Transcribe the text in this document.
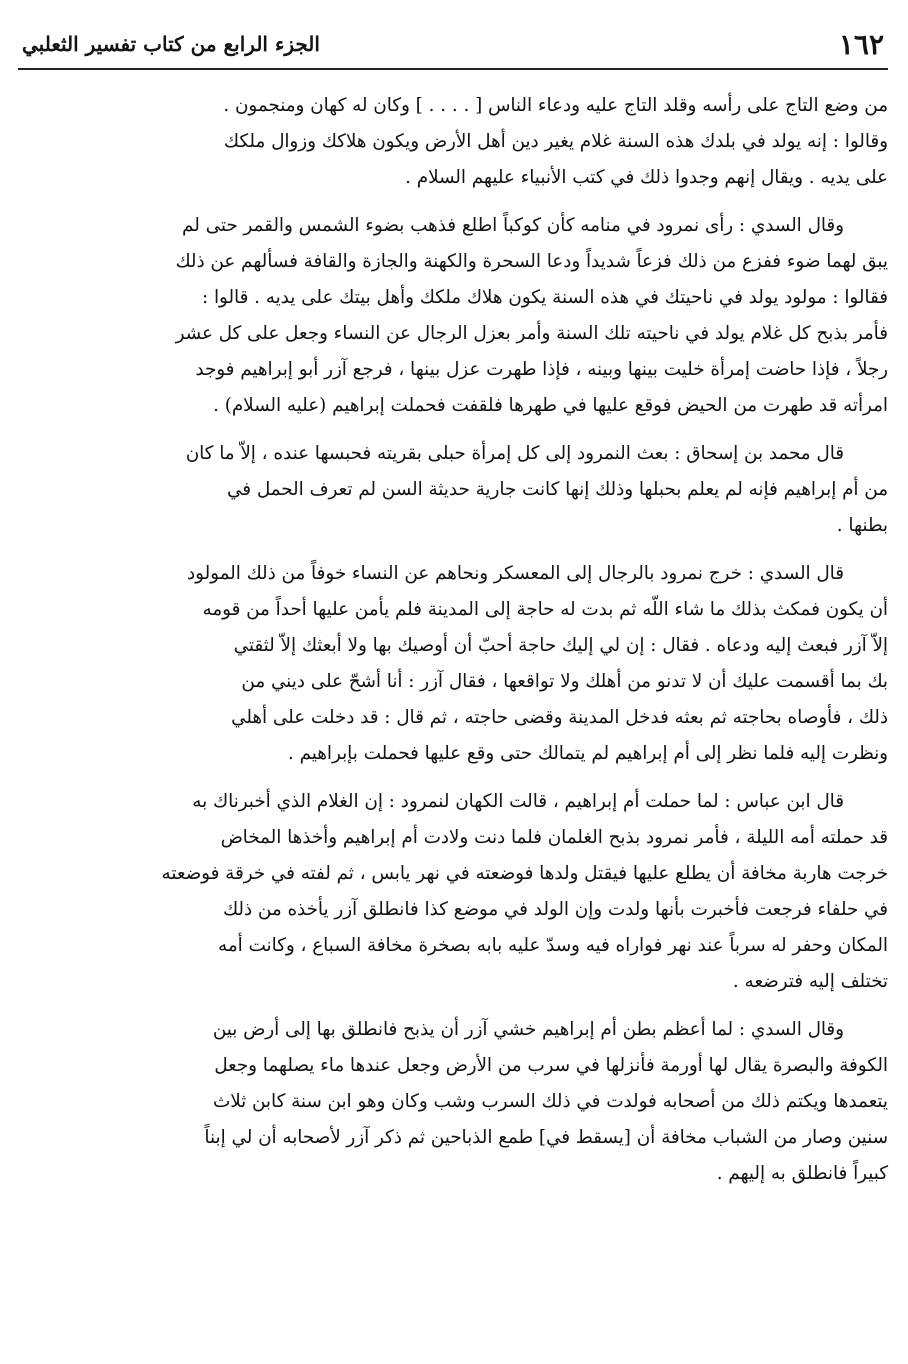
١٦٢
الجزء الرابع من كتاب تفسير الثعلبي
من وضع التاج على رأسه وقلد التاج عليه ودعاء الناس [ . . . . ] وكان له كهان ومنجمون .
وقالوا : إنه يولد في بلدك هذه السنة غلام يغير دين أهل الأرض ويكون هلاكك وزوال ملكك
على يديه . ويقال إنهم وجدوا ذلك في كتب الأنبياء عليهم السلام .
وقال السدي : رأى نمرود في منامه كأن كوكباً اطلع فذهب بضوء الشمس والقمر حتى لم
يبق لهما ضوء ففزع من ذلك فزعاً شديداً ودعا السحرة والكهنة والجازة والقافة فسألهم عن ذلك
فقالوا : مولود يولد في ناحيتك في هذه السنة يكون هلاك ملكك وأهل بيتك على يديه . قالوا :
فأمر بذبح كل غلام يولد في ناحيته تلك السنة وأمر بعزل الرجال عن النساء وجعل على كل عشر
رجلاً ، فإذا حاضت إمرأة خليت بينها وبينه ، فإذا طهرت عزل بينها ، فرجع آزر أبو إبراهيم فوجد
امرأته قد طهرت من الحيض فوقع عليها في طهرها فلقفت فحملت إبراهيم (عليه السلام) .
قال محمد بن إسحاق : بعث النمرود إلى كل إمرأة حبلى بقريته فحبسها عنده ، إلاّ ما كان
من أم إبراهيم فإنه لم يعلم بحبلها وذلك إنها كانت جارية حديثة السن لم تعرف الحمل في
بطنها .
قال السدي : خرج نمرود بالرجال إلى المعسكر ونحاهم عن النساء خوفاً من ذلك المولود
أن يكون فمكث بذلك ما شاء اللّه ثم بدت له حاجة إلى المدينة فلم يأمن عليها أحداً من قومه
إلاّ آزر فبعث إليه ودعاه . فقال : إن لي إليك حاجة أحبّ أن أوصيك بها ولا أبعثك إلاّ لثقتي
بك بما أقسمت عليك أن لا تدنو من أهلك ولا تواقعها ، فقال آزر : أنا أشحّ على ديني من
ذلك ، فأوصاه بحاجته ثم بعثه فدخل المدينة وقضى حاجته ، ثم قال : قد دخلت على أهلي
ونظرت إليه فلما نظر إلى أم إبراهيم لم يتمالك حتى وقع عليها فحملت بإبراهيم .
قال ابن عباس : لما حملت أم إبراهيم ، قالت الكهان لنمرود : إن الغلام الذي أخبرناك به
قد حملته أمه الليلة ، فأمر نمرود بذبح الغلمان فلما دنت ولادت أم إبراهيم وأخذها المخاض
خرجت هاربة مخافة أن يطلع عليها فيقتل ولدها فوضعته في نهر يابس ، ثم لفته في خرقة فوضعته
في حلفاء فرجعت فأخبرت بأنها ولدت وإن الولد في موضع كذا فانطلق آزر يأخذه من ذلك
المكان وحفر له سرباً عند نهر فواراه فيه وسدّ عليه بابه بصخرة مخافة السباع ، وكانت أمه
تختلف إليه فترضعه .
وقال السدي : لما أعظم بطن أم إبراهيم خشي آزر أن يذبح فانطلق بها إلى أرض بين
الكوفة والبصرة يقال لها أورمة فأنزلها في سرب من الأرض وجعل عندها ماء يصلهما وجعل
يتعمدها ويكتم ذلك من أصحابه فولدت في ذلك السرب وشب وكان وهو ابن سنة كابن ثلاث
سنين وصار من الشباب مخافة أن [يسقط في] طمع الذباحين ثم ذكر آزر لأصحابه أن لي إبناً
كبيراً فانطلق به إليهم .
